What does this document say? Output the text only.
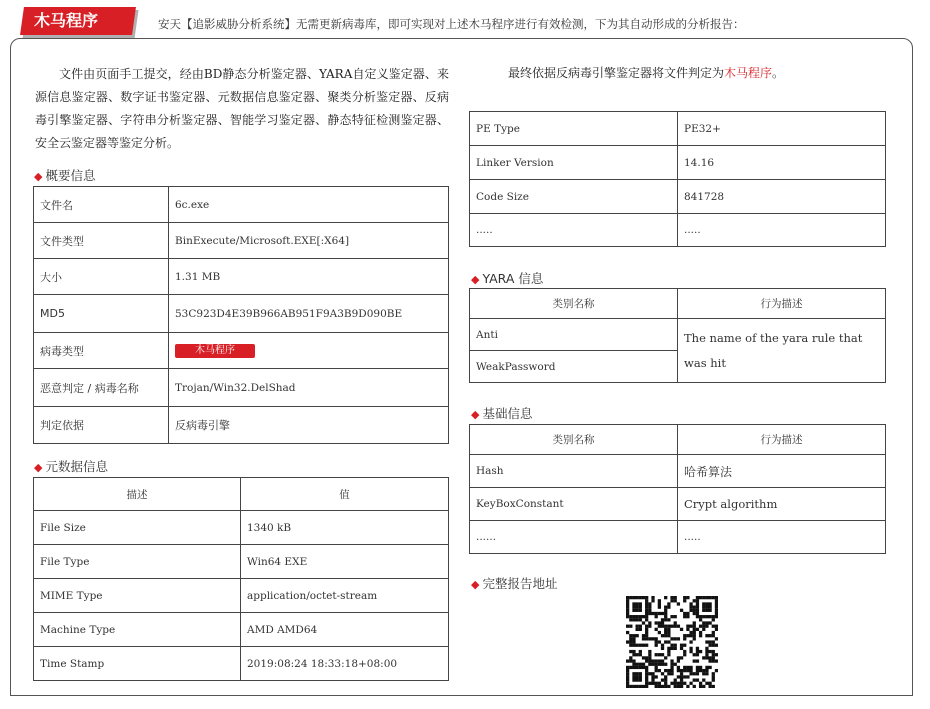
木马程序	安天【追影威胁分析系统】无需更新病毒库，即可实现对上述木马程序进行有效检测，下为其自动形成的分析报告：
文件由页面手工提交，经由BD静态分析鉴定器、YARA自定义鉴定器、来源信息鉴定器、数字证书鉴定器、元数据信息鉴定器、聚类分析鉴定器、反病毒引擎鉴定器、字符串分析鉴定器、智能学习鉴定器、静态特征检测鉴定器、安全云鉴定器等鉴定分析。
◆ 概要信息
文件名	6c.exe
文件类型	BinExecute/Microsoft.EXE[:X64]
大小	1.31 MB
MD5	53C923D4E39B966AB951F9A3B9D090BE
病毒类型	木马程序
恶意判定 / 病毒名称	Trojan/Win32.DelShad
判定依据	反病毒引擎
◆ 元数据信息
描述	值
File Size	1340 kB
File Type	Win64 EXE
MIME Type	application/octet-stream
Machine Type	AMD AMD64
Time Stamp	2019:08:24 18:33:18+08:00
最终依据反病毒引擎鉴定器将文件判定为木马程序。
PE Type	PE32+
Linker Version	14.16
Code Size	841728
.....	.....
◆ YARA 信息
类别名称	行为描述
Anti	The name of the yara rule that was hit
WeakPassword	
◆ 基础信息
类别名称	行为描述
Hash	哈希算法
KeyBoxConstant	Crypt algorithm
......	.....
◆ 完整报告地址
